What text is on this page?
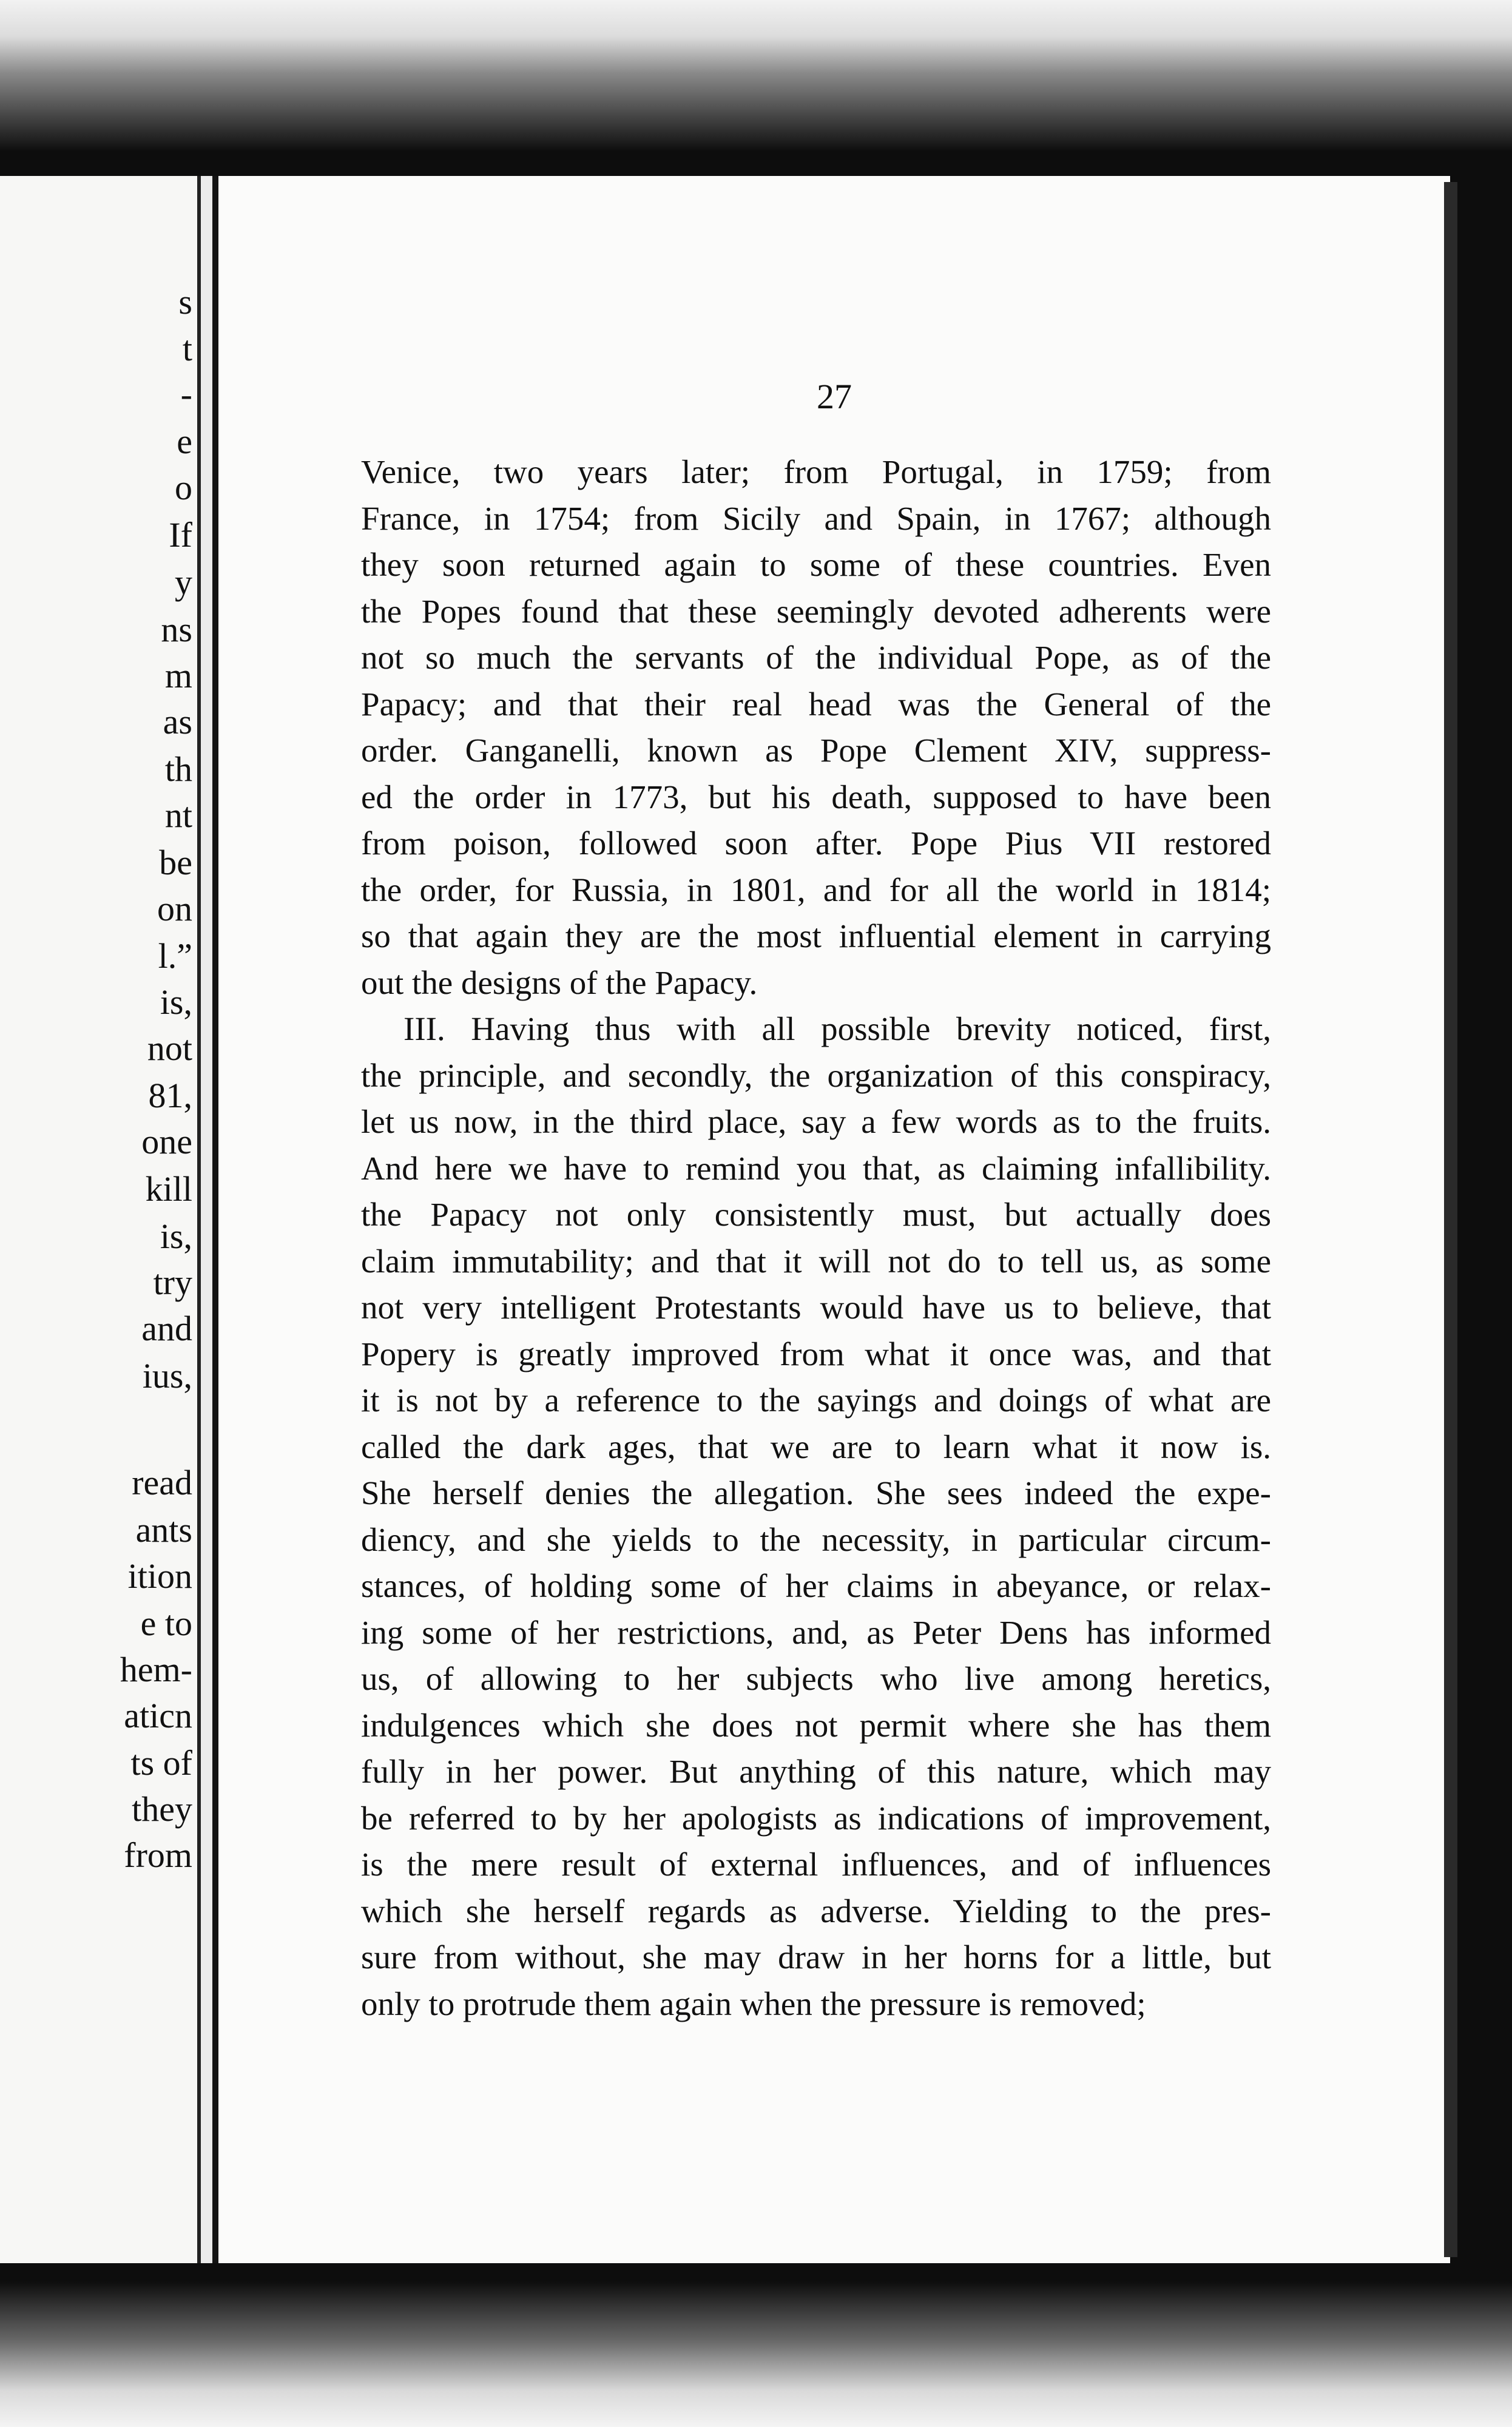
s

t

-

e

o

If

y

ns

m

as

th

nt

be

on

l.”

is,

not

81,

one

kill

is,

try

and

ius,

read

ants

ition

e to

hem-

aticn

ts of

they

from

27

Venice, two years later; from Portugal, in 1759; from
France, in 1754; from Sicily and Spain, in 1767; although
they soon returned again to some of these countries. Even
the Popes found that these seemingly devoted adherents were
not so much the servants of the individual Pope, as of the
Papacy; and that their real head was the General of the
order. Ganganelli, known as Pope Clement XIV, suppress-
ed the order in 1773, but his death, supposed to have been
from poison, followed soon after. Pope Pius VII restored
the order, for Russia, in 1801, and for all the world in 1814;
so that again they are the most influential element in carrying
out the designs of the Papacy.
III. Having thus with all possible brevity noticed, first,
the principle, and secondly, the organization of this conspiracy,
let us now, in the third place, say a few words as to the fruits.
And here we have to remind you that, as claiming infallibility.
the Papacy not only consistently must, but actually does
claim immutability; and that it will not do to tell us, as some
not very intelligent Protestants would have us to believe, that
Popery is greatly improved from what it once was, and that
it is not by a reference to the sayings and doings of what are
called the dark ages, that we are to learn what it now is.
She herself denies the allegation. She sees indeed the expe-
diency, and she yields to the necessity, in particular circum-
stances, of holding some of her claims in abeyance, or relax-
ing some of her restrictions, and, as Peter Dens has informed
us, of allowing to her subjects who live among heretics,
indulgences which she does not permit where she has them
fully in her power. But anything of this nature, which may
be referred to by her apologists as indications of improvement,
is the mere result of external influences, and of influences
which she herself regards as adverse. Yielding to the pres-
sure from without, she may draw in her horns for a little, but
only to protrude them again when the pressure is removed;
